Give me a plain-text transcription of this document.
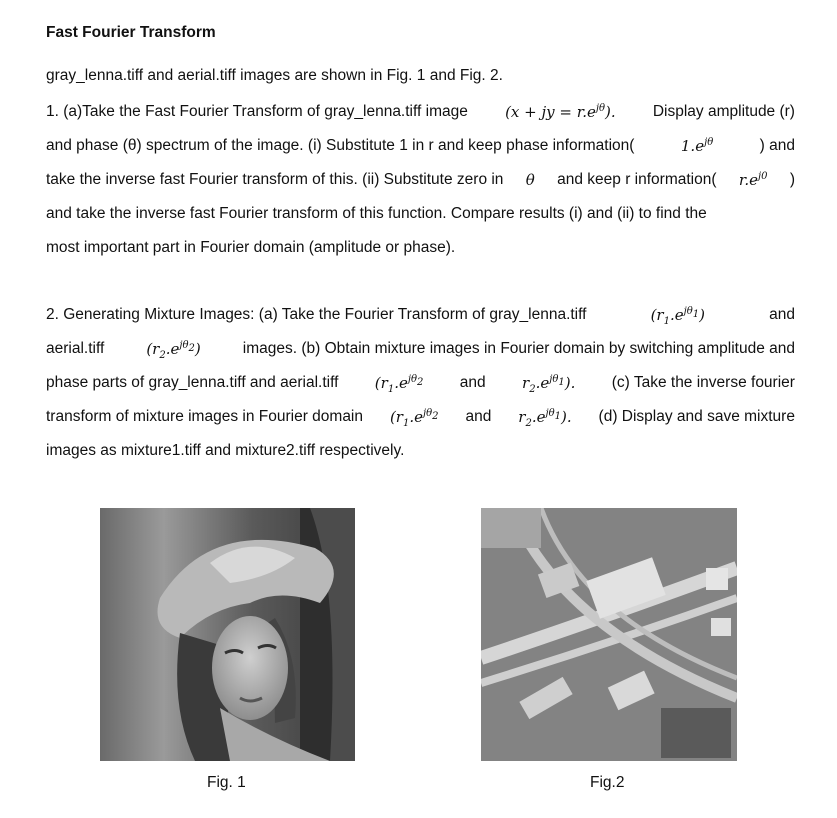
Fast Fourier Transform
gray_lenna.tiff and aerial.tiff images are shown in Fig. 1 and Fig. 2.
1. (a)Take the Fast Fourier Transform of gray_lenna.tiff image (x + jy = $r.e^{j\theta}$). Display amplitude (r)
and phase (θ) spectrum of the image. (i) Substitute 1 in r and keep phase information(	$1.e^{j\theta}$	) and
take the inverse fast Fourier transform of this. (ii) Substitute zero in θ and keep r information( $r.e^{j0}$ )
and take the inverse fast Fourier transform of this function. Compare results (i) and (ii) to find the
most important part in Fourier domain (amplitude or phase).
2. Generating Mixture Images: (a) Take the Fourier Transform of gray_lenna.tiff	$(r_1.e^{j\theta_1})$	and
aerial.tiff	$(r_2.e^{j\theta_2})$	images. (b) Obtain mixture images in Fourier domain by switching amplitude and
phase parts of gray_lenna.tiff and aerial.tiff ($r_1.e^{j\theta_2}$ and $r_2.e^{j\theta_1}$). (c) Take the inverse fourier
transform of mixture images in Fourier domain ($r_1.e^{j\theta_2}$ and $r_2.e^{j\theta_1}$). (d) Display and save mixture
images as mixture1.tiff and mixture2.tiff respectively.
Fig. 1	Fig.2
